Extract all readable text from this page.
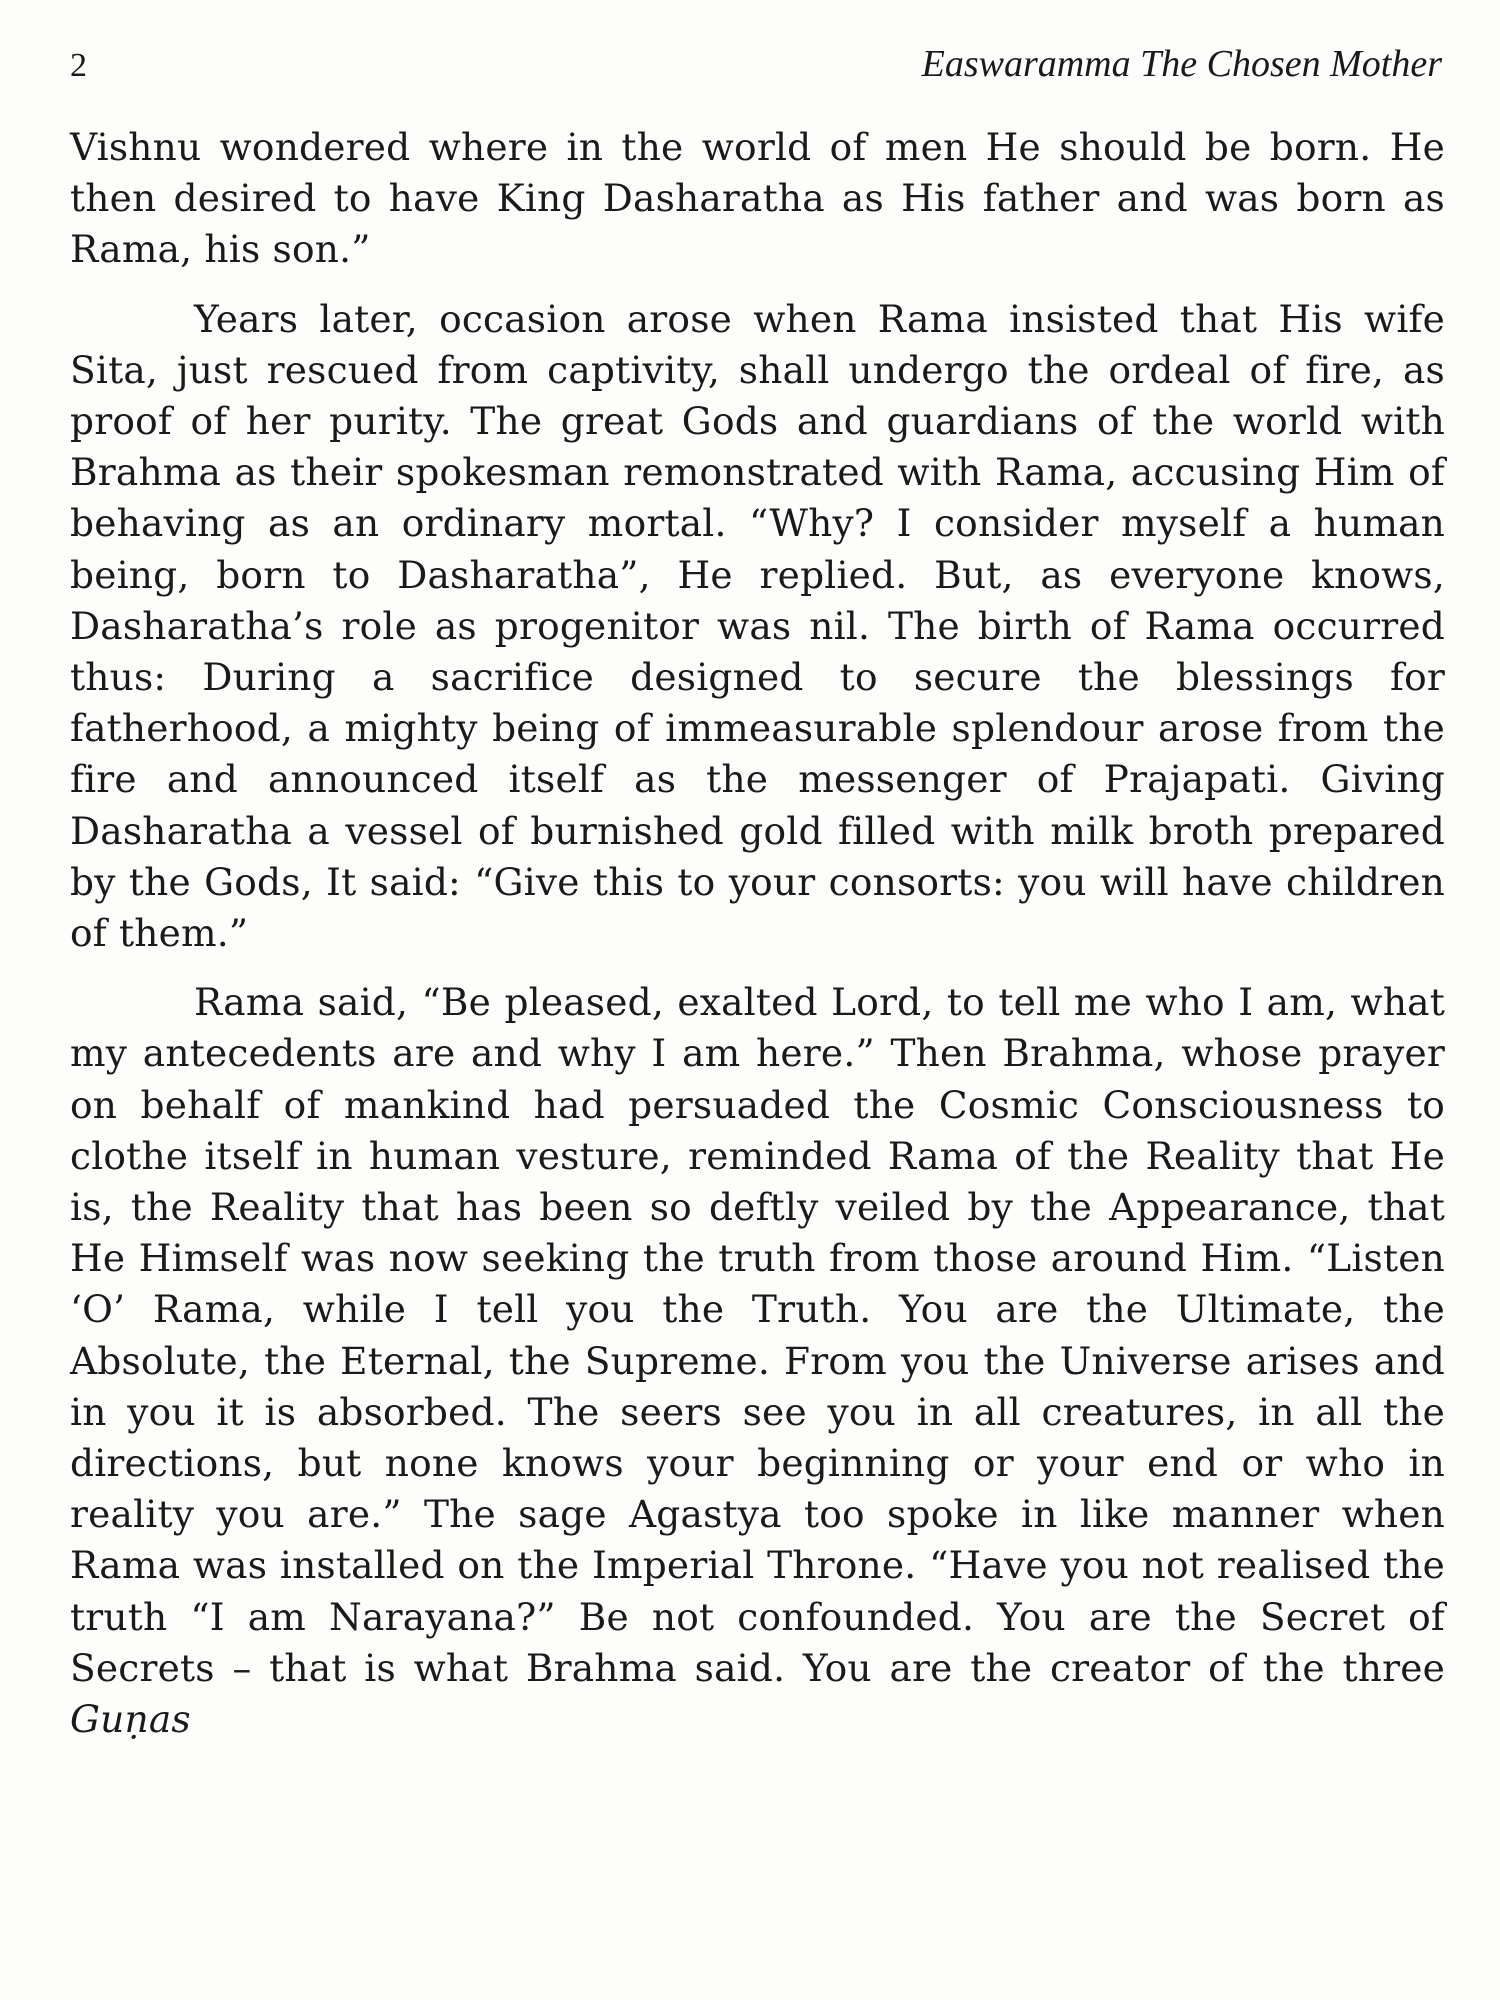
2	Easwaramma The Chosen Mother

Vishnu wondered where in the world of men He should be born. He then desired to have King Dasharatha as His father and was born as Rama, his son.”

Years later, occasion arose when Rama insisted that His wife Sita, just rescued from captivity, shall undergo the ordeal of fire, as proof of her purity. The great Gods and guardians of the world with Brahma as their spokesman remonstrated with Rama, accusing Him of behaving as an ordinary mortal. “Why? I consider myself a human being, born to Dasharatha”, He replied. But, as everyone knows, Dasharatha’s role as progenitor was nil. The birth of Rama occurred thus: During a sacrifice designed to secure the blessings for fatherhood, a mighty being of immeasurable splendour arose from the fire and announced itself as the messenger of Prajapati. Giving Dasharatha a vessel of burnished gold filled with milk broth prepared by the Gods, It said: “Give this to your consorts: you will have children of them.”

Rama said, “Be pleased, exalted Lord, to tell me who I am, what my antecedents are and why I am here.” Then Brahma, whose prayer on behalf of mankind had persuaded the Cosmic Consciousness to clothe itself in human vesture, reminded Rama of the Reality that He is, the Reality that has been so deftly veiled by the Appearance, that He Himself was now seeking the truth from those around Him. “Listen ‘O’ Rama, while I tell you the Truth. You are the Ultimate, the Absolute, the Eternal, the Supreme. From you the Universe arises and in you it is absorbed. The seers see you in all creatures, in all the directions, but none knows your beginning or your end or who in reality you are.” The sage Agastya too spoke in like manner when Rama was installed on the Imperial Throne. “Have you not realised the truth “I am Narayana?” Be not confounded. You are the Secret of Secrets – that is what Brahma said. You are the creator of the three Guṇas
